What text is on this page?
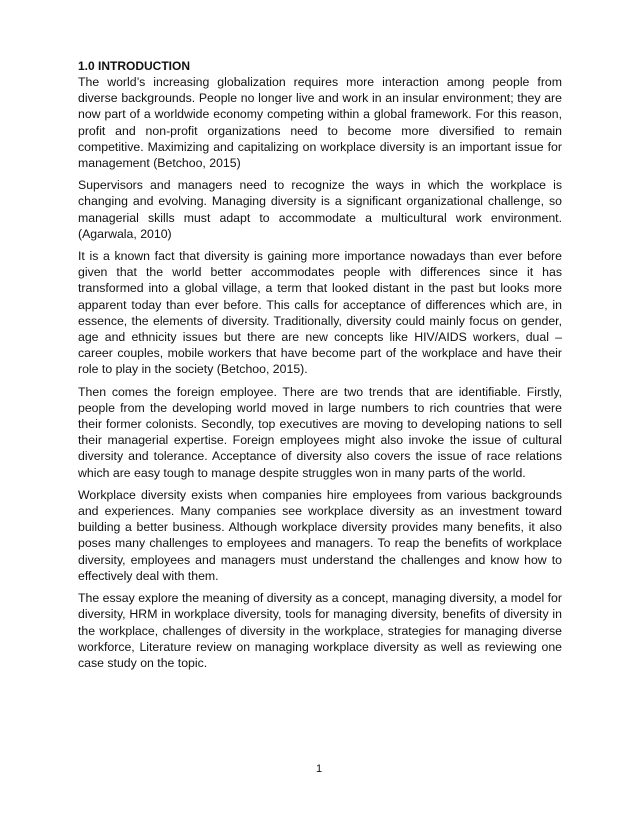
1.0 INTRODUCTION

The world’s increasing globalization requires more interaction among people from diverse backgrounds. People no longer live and work in an insular environment; they are now part of a worldwide economy competing within a global framework. For this reason, profit and non-profit organizations need to become more diversified to remain competitive. Maximizing and capitalizing on workplace diversity is an important issue for management (Betchoo, 2015)

Supervisors and managers need to recognize the ways in which the workplace is changing and evolving. Managing diversity is a significant organizational challenge, so managerial skills must adapt to accommodate a multicultural work environment. (Agarwala, 2010)

It is a known fact that diversity is gaining more importance nowadays than ever before given that the world better accommodates people with differences since it has transformed into a global village, a term that looked distant in the past but looks more apparent today than ever before. This calls for acceptance of differences which are, in essence, the elements of diversity. Traditionally, diversity could mainly focus on gender, age and ethnicity issues but there are new concepts like HIV/AIDS workers, dual – career couples, mobile workers that have become part of the workplace and have their role to play in the society (Betchoo, 2015).

Then comes the foreign employee. There are two trends that are identifiable. Firstly, people from the developing world moved in large numbers to rich countries that were their former colonists. Secondly, top executives are moving to developing nations to sell their managerial expertise. Foreign employees might also invoke the issue of cultural diversity and tolerance. Acceptance of diversity also covers the issue of race relations which are easy tough to manage despite struggles won in many parts of the world.

Workplace diversity exists when companies hire employees from various backgrounds and experiences. Many companies see workplace diversity as an investment toward building a better business. Although workplace diversity provides many benefits, it also poses many challenges to employees and managers. To reap the benefits of workplace diversity, employees and managers must understand the challenges and know how to effectively deal with them.

The essay explore the meaning of diversity as a concept, managing diversity, a model for diversity, HRM in workplace diversity, tools for managing diversity, benefits of diversity in the workplace, challenges of diversity in the workplace, strategies for managing diverse workforce, Literature review on managing workplace diversity as well as reviewing one case study on the topic.

1
